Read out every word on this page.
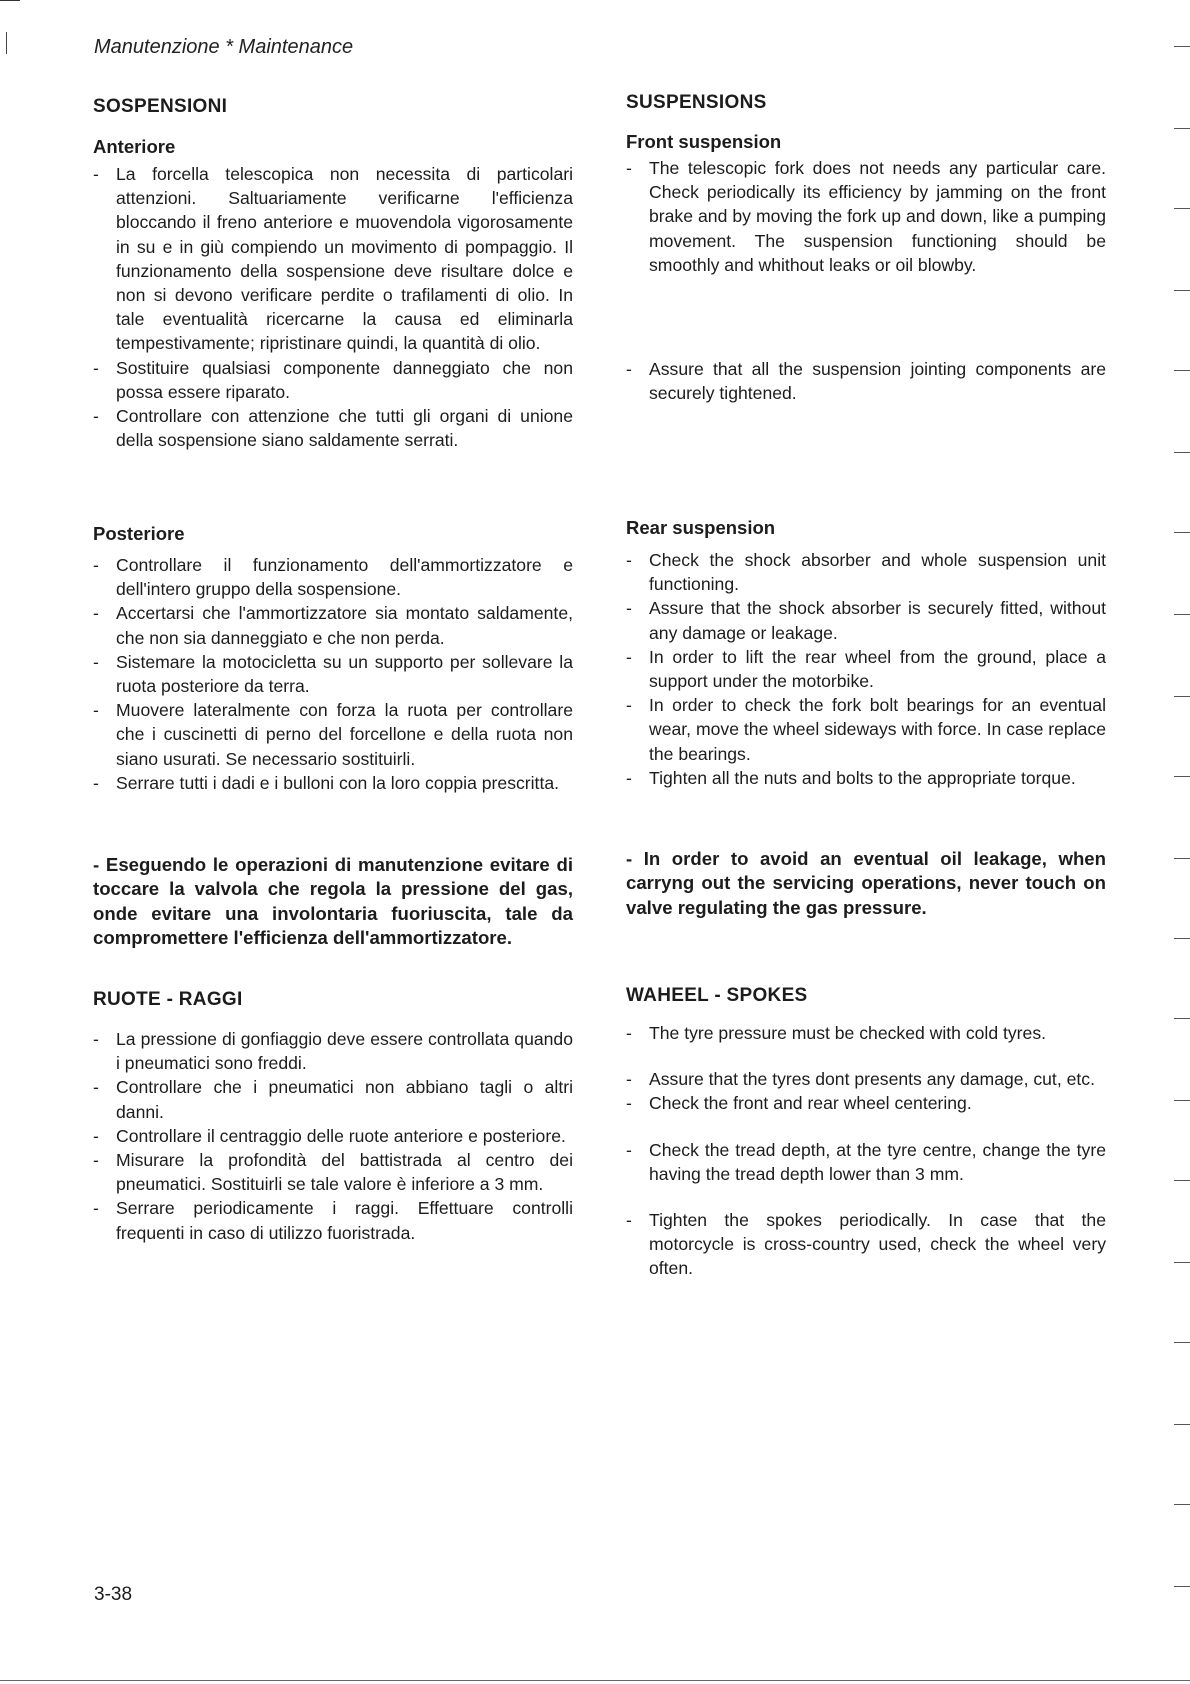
Manutenzione * Maintenance
SOSPENSIONI
Anteriore
- La forcella telescopica non necessita di particolari attenzioni. Saltuariamente verificarne l'efficienza bloccando il freno anteriore e muovendola vigorosamente in su e in giù compiendo un movimento di pompaggio. Il funzionamento della sospensione deve risultare dolce e non si devono verificare perdite o trafilamenti di olio. In tale eventualità ricercarne la causa ed eliminarla tempestivamente; ripristinare quindi, la quantità di olio.
- Sostituire qualsiasi componente danneggiato che non possa essere riparato.
- Controllare con attenzione che tutti gli organi di unione della sospensione siano saldamente serrati.
Posteriore
- Controllare il funzionamento dell'ammortizzatore e dell'intero gruppo della sospensione.
- Accertarsi che l'ammortizzatore sia montato saldamente, che non sia danneggiato e che non perda.
- Sistemare la motocicletta su un supporto per sollevare la ruota posteriore da terra.
- Muovere lateralmente con forza la ruota per controllare che i cuscinetti di perno del forcellone e della ruota non siano usurati. Se necessario sostituirli.
- Serrare tutti i dadi e i bulloni con la loro coppia prescritta.

- Eseguendo le operazioni di manutenzione evitare di toccare la valvola che regola la pressione del gas, onde evitare una involontaria fuoriuscita, tale da compromettere l'efficienza dell'ammortizzatore.

RUOTE - RAGGI
- La pressione di gonfiaggio deve essere controllata quando i pneumatici sono freddi.
- Controllare che i pneumatici non abbiano tagli o altri danni.
- Controllare il centraggio delle ruote anteriore e posteriore.
- Misurare la profondità del battistrada al centro dei pneumatici. Sostituirli se tale valore è inferiore a 3 mm.
- Serrare periodicamente i raggi. Effettuare controlli frequenti in caso di utilizzo fuoristrada.
SUSPENSIONS
Front suspension
- The telescopic fork does not needs any particular care. Check periodically its efficiency by jamming on the front brake and by moving the fork up and down, like a pumping movement. The suspension functioning should be smoothly and whithout leaks or oil blowby.
- Assure that all the suspension jointing components are securely tightened.
Rear suspension
- Check the shock absorber and whole suspension unit functioning.
- Assure that the shock absorber is securely fitted, without any damage or leakage.
- In order to lift the rear wheel from the ground, place a support under the motorbike.
- In order to check the fork bolt bearings for an eventual wear, move the wheel sideways with force. In case replace the bearings.
- Tighten all the nuts and bolts to the appropriate torque.

- In order to avoid an eventual oil leakage, when carryng out the servicing operations, never touch on valve regulating the gas pressure.

WAHEEL - SPOKES
- The tyre pressure must be checked with cold tyres.
- Assure that the tyres dont presents any damage, cut, etc.
- Check the front and rear wheel centering.
- Check the tread depth, at the tyre centre, change the tyre having the tread depth lower than 3 mm.
- Tighten the spokes periodically. In case that the motorcycle is cross-country used, check the wheel very often.
3-38
